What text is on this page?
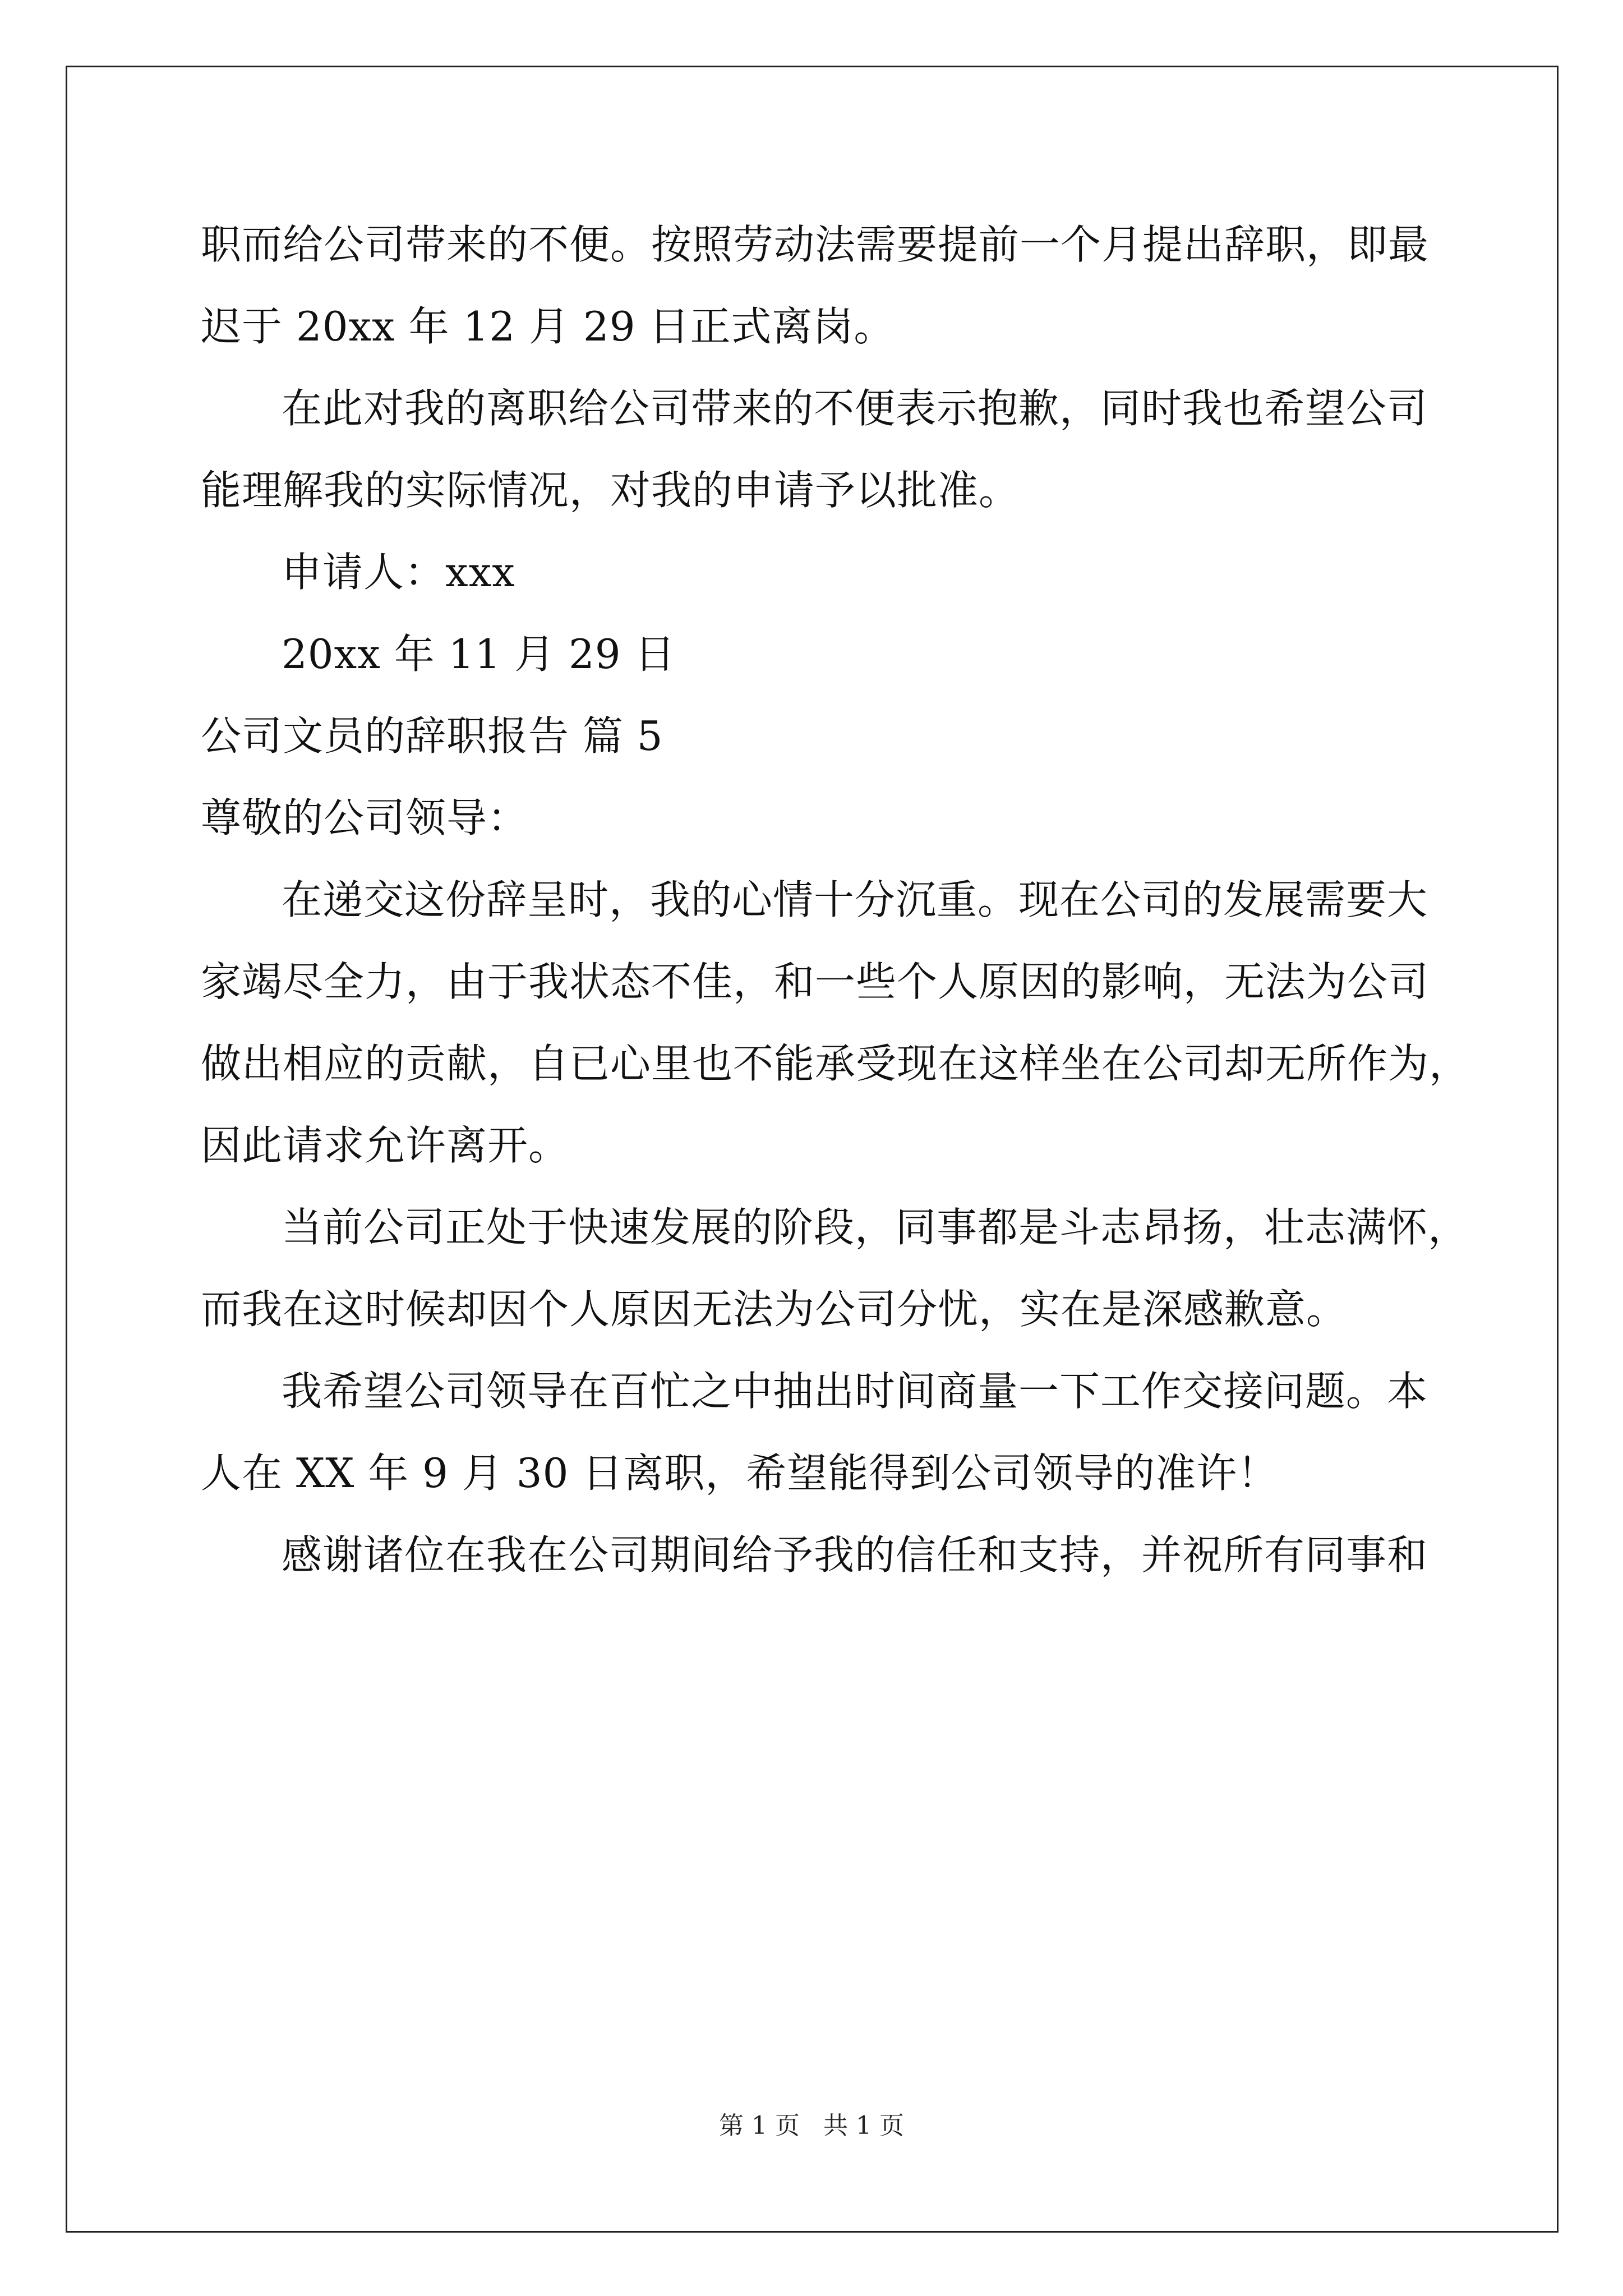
职而给公司带来的不便。按照劳动法需要提前一个月提出辞职，即最
迟于 20xx 年 12 月 29 日正式离岗。
在此对我的离职给公司带来的不便表示抱歉，同时我也希望公司
能理解我的实际情况，对我的申请予以批准。
申请人：xxx
20xx 年 11 月 29 日
公司文员的辞职报告 篇 5
尊敬的公司领导：
在递交这份辞呈时，我的心情十分沉重。现在公司的发展需要大
家竭尽全力，由于我状态不佳，和一些个人原因的影响，无法为公司
做出相应的贡献，自已心里也不能承受现在这样坐在公司却无所作为，
因此请求允许离开。
当前公司正处于快速发展的阶段，同事都是斗志昂扬，壮志满怀，
而我在这时候却因个人原因无法为公司分忧，实在是深感歉意。
我希望公司领导在百忙之中抽出时间商量一下工作交接问题。本
人在 XX 年 9 月 30 日离职，希望能得到公司领导的准许！
感谢诸位在我在公司期间给予我的信任和支持，并祝所有同事和
第 1 页   共 1 页
